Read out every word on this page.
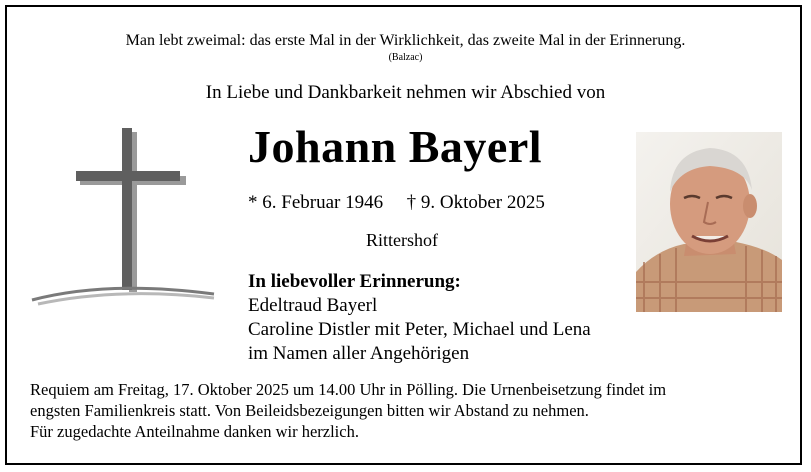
Man lebt zweimal: das erste Mal in der Wirklichkeit, das zweite Mal in der Erinnerung.
(Balzac)
In Liebe und Dankbarkeit nehmen wir Abschied von
Johann Bayerl
* 6. Februar 1946 † 9. Oktober 2025
Rittershof
In liebevoller Erinnerung:
Edeltraud Bayerl
Caroline Distler mit Peter, Michael und Lena
im Namen aller Angehörigen
Requiem am Freitag, 17. Oktober 2025 um 14.00 Uhr in Pölling. Die Urnenbeisetzung findet im
engsten Familienkreis statt. Von Beileidsbezeigungen bitten wir Abstand zu nehmen.
Für zugedachte Anteilnahme danken wir herzlich.
